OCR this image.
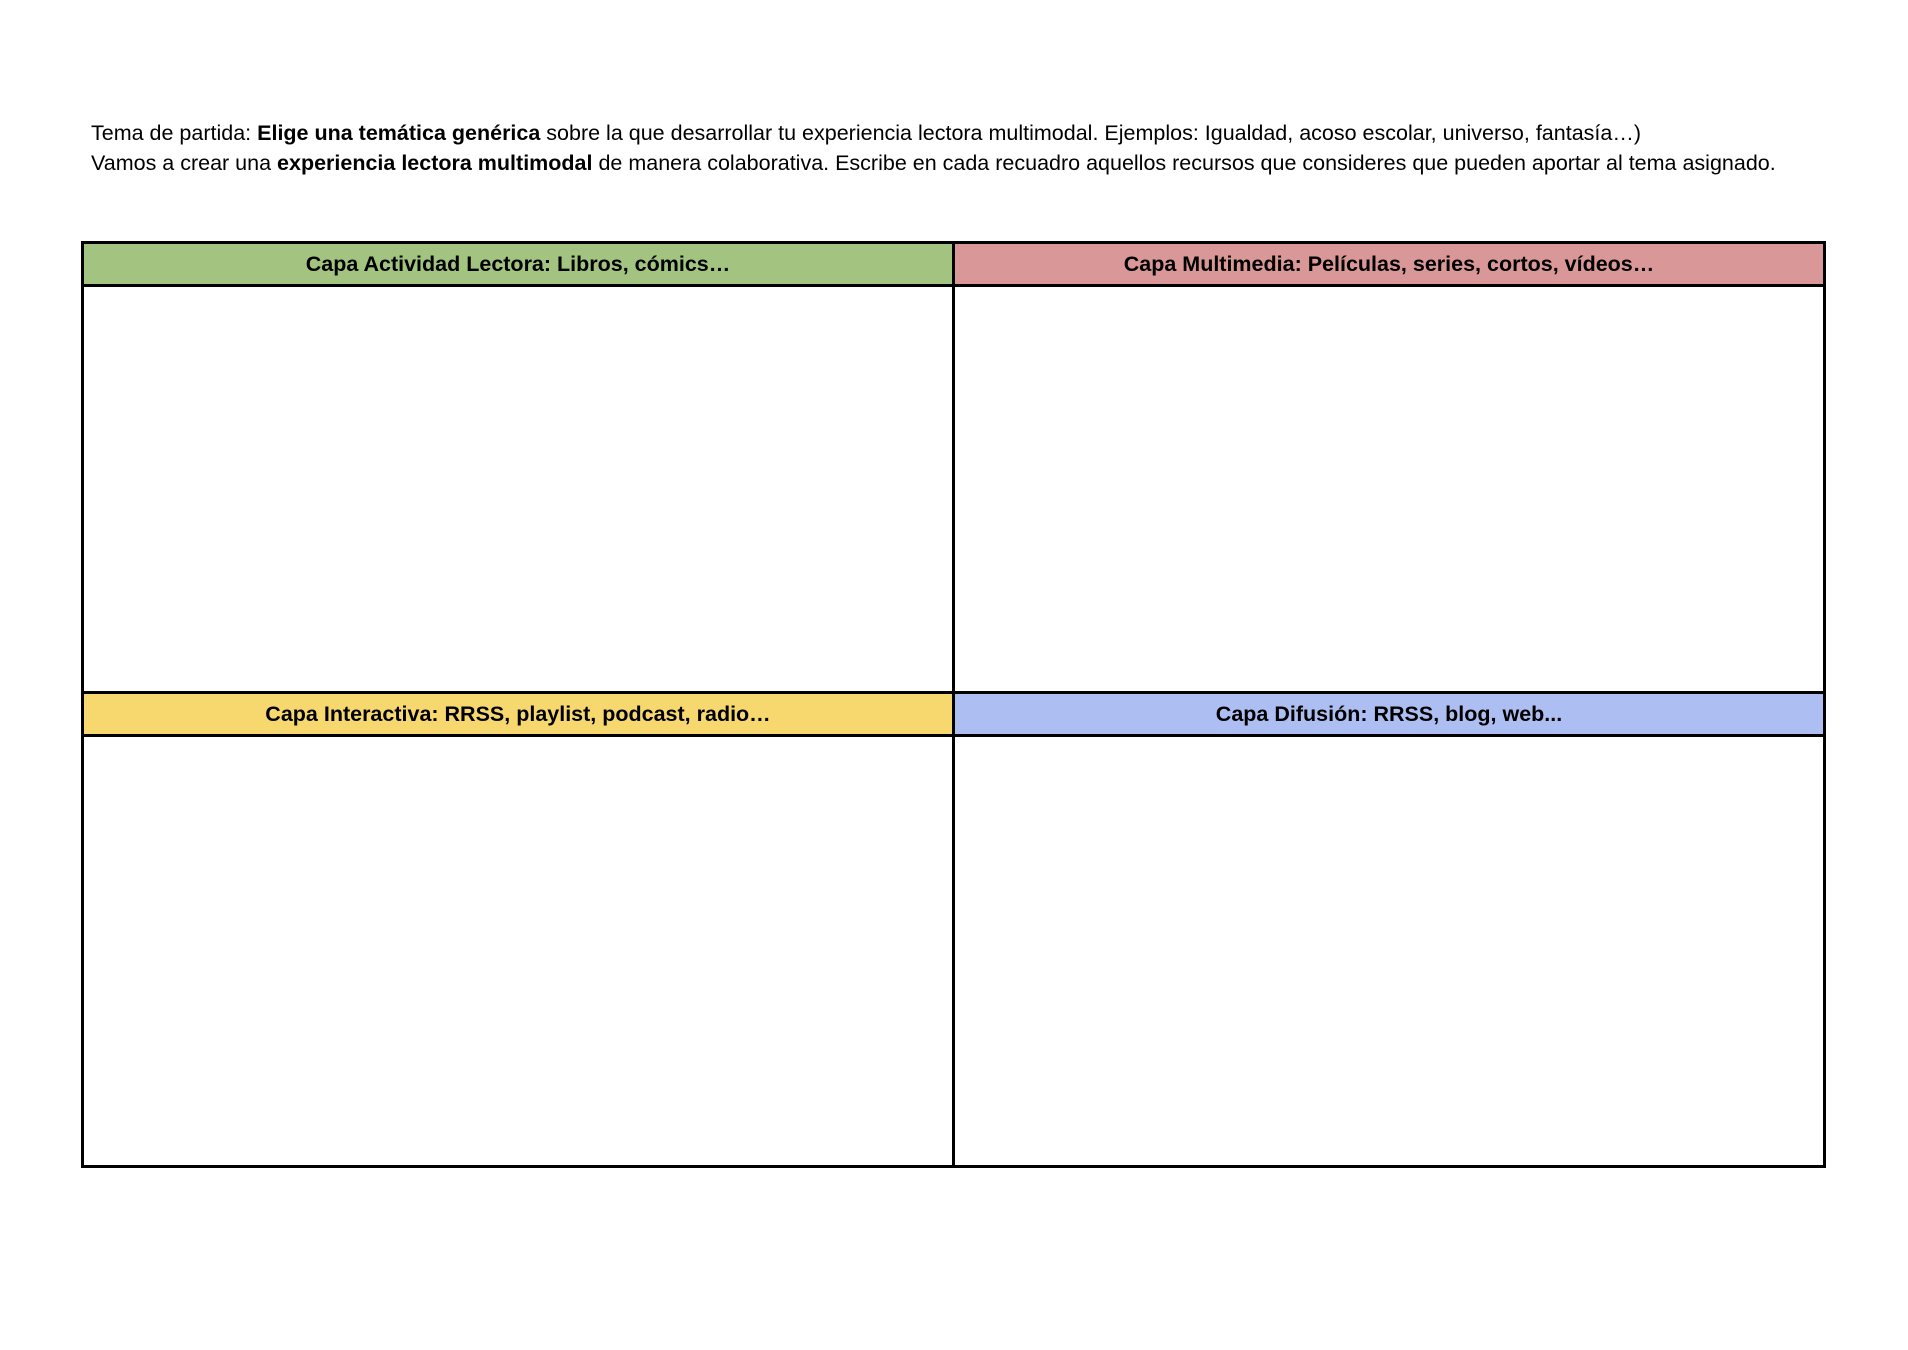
Tema de partida: Elige una temática genérica sobre la que desarrollar tu experiencia lectora multimodal. Ejemplos: Igualdad, acoso escolar, universo, fantasía…)

Vamos a crear una experiencia lectora multimodal de manera colaborativa. Escribe en cada recuadro aquellos recursos que consideres que pueden aportar al tema asignado.

Capa Actividad Lectora: Libros, cómics…	Capa Multimedia: Películas, series, cortos, vídeos…

Capa Interactiva: RRSS, playlist, podcast, radio…	Capa Difusión: RRSS, blog, web...
